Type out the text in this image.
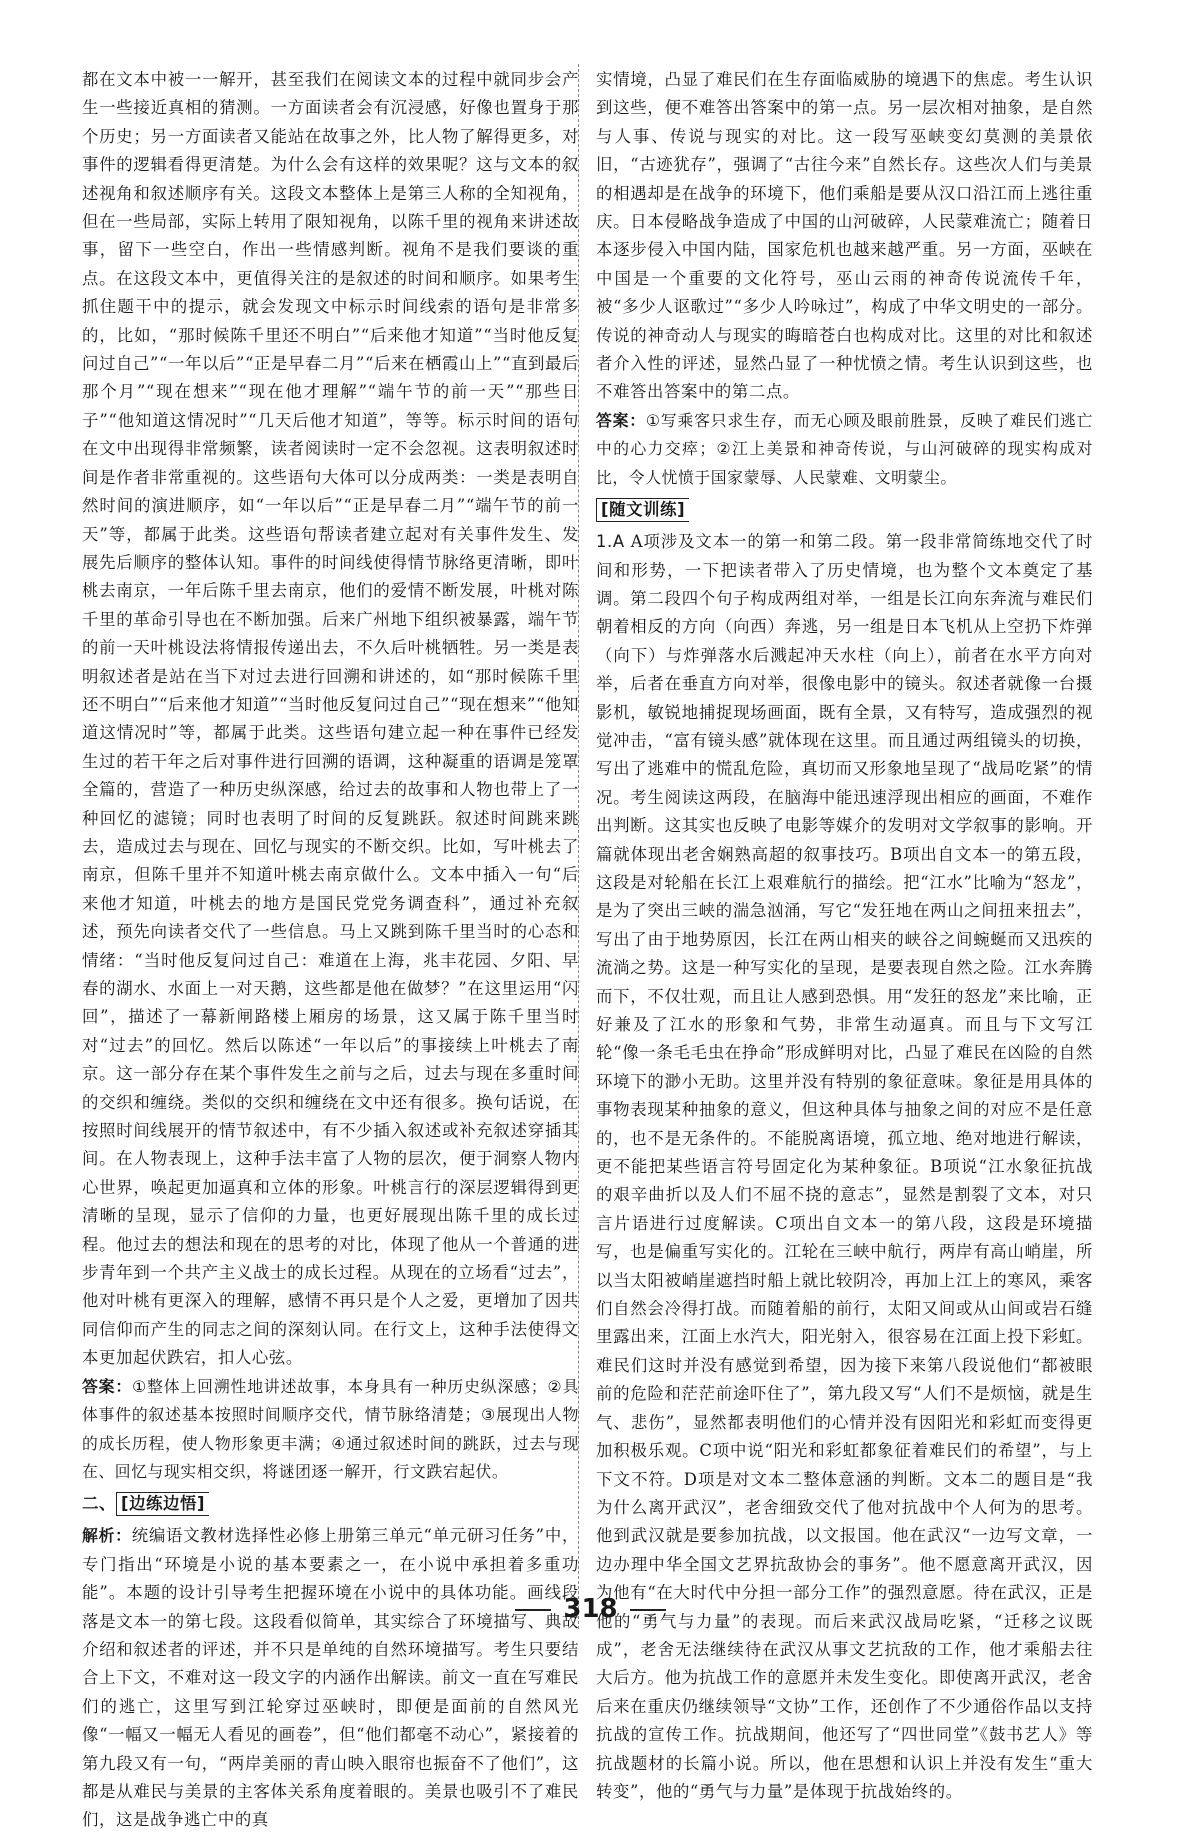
都在文本中被一一解开，甚至我们在阅读文本的过程中就同步会产生一些接近真相的猜测。一方面读者会有沉浸感，好像也置身于那个历史；另一方面读者又能站在故事之外，比人物了解得更多，对事件的逻辑看得更清楚。为什么会有这样的效果呢？这与文本的叙述视角和叙述顺序有关。这段文本整体上是第三人称的全知视角，但在一些局部，实际上转用了限知视角，以陈千里的视角来讲述故事，留下一些空白，作出一些情感判断。视角不是我们要谈的重点。在这段文本中，更值得关注的是叙述的时间和顺序。如果考生抓住题干中的提示，就会发现文中标示时间线索的语句是非常多的，比如，“那时候陈千里还不明白”“后来他才知道”“当时他反复问过自己”“一年以后”“正是早春二月”“后来在栖霞山上”“直到最后那个月”“现在想来”“现在他才理解”“端午节的前一天”“那些日子”“他知道这情况时”“几天后他才知道”，等等。标示时间的语句在文中出现得非常频繁，读者阅读时一定不会忽视。这表明叙述时间是作者非常重视的。这些语句大体可以分成两类：一类是表明自然时间的演进顺序，如“一年以后”“正是早春二月”“端午节的前一天”等，都属于此类。这些语句帮读者建立起对有关事件发生、发展先后顺序的整体认知。事件的时间线使得情节脉络更清晰，即叶桃去南京，一年后陈千里去南京，他们的爱情不断发展，叶桃对陈千里的革命引导也在不断加强。后来广州地下组织被暴露，端午节的前一天叶桃设法将情报传递出去，不久后叶桃牺牲。另一类是表明叙述者是站在当下对过去进行回溯和讲述的，如“那时候陈千里还不明白”“后来他才知道”“当时他反复问过自己”“现在想来”“他知道这情况时”等，都属于此类。这些语句建立起一种在事件已经发生过的若干年之后对事件进行回溯的语调，这种凝重的语调是笼罩全篇的，营造了一种历史纵深感，给过去的故事和人物也带上了一种回忆的滤镜；同时也表明了时间的反复跳跃。叙述时间跳来跳去，造成过去与现在、回忆与现实的不断交织。比如，写叶桃去了南京，但陈千里并不知道叶桃去南京做什么。文本中插入一句“后来他才知道，叶桃去的地方是国民党党务调查科”，通过补充叙述，预先向读者交代了一些信息。马上又跳到陈千里当时的心态和情绪：“当时他反复问过自己：难道在上海，兆丰花园、夕阳、早春的湖水、水面上一对天鹅，这些都是他在做梦？”在这里运用“闪回”，描述了一幕新闸路楼上厢房的场景，这又属于陈千里当时对“过去”的回忆。然后以陈述“一年以后”的事接续上叶桃去了南京。这一部分存在某个事件发生之前与之后，过去与现在多重时间的交织和缠绕。类似的交织和缠绕在文中还有很多。换句话说，在按照时间线展开的情节叙述中，有不少插入叙述或补充叙述穿插其间。在人物表现上，这种手法丰富了人物的层次，便于洞察人物内心世界，唤起更加逼真和立体的形象。叶桃言行的深层逻辑得到更清晰的呈现，显示了信仰的力量，也更好展现出陈千里的成长过程。他过去的想法和现在的思考的对比，体现了他从一个普通的进步青年到一个共产主义战士的成长过程。从现在的立场看“过去”，他对叶桃有更深入的理解，感情不再只是个人之爱，更增加了因共同信仰而产生的同志之间的深刻认同。在行文上，这种手法使得文本更加起伏跌宕，扣人心弦。

答案：①整体上回溯性地讲述故事，本身具有一种历史纵深感；②具体事件的叙述基本按照时间顺序交代，情节脉络清楚；③展现出人物的成长历程，使人物形象更丰满；④通过叙述时间的跳跃，过去与现在、回忆与现实相交织，将谜团逐一解开，行文跌宕起伏。

二、 [边练边悟]

解析：统编语文教材选择性必修上册第三单元“单元研习任务”中，专门指出“环境是小说的基本要素之一，在小说中承担着多重功能”。本题的设计引导考生把握环境在小说中的具体功能。画线段落是文本一的第七段。这段看似简单，其实综合了环境描写、典故介绍和叙述者的评述，并不只是单纯的自然环境描写。考生只要结合上下文，不难对这一段文字的内涵作出解读。前文一直在写难民们的逃亡，这里写到江轮穿过巫峡时，即便是面前的自然风光像“一幅又一幅无人看见的画卷”，但“他们都毫不动心”，紧接着的第九段又有一句，“两岸美丽的青山映入眼帘也振奋不了他们”，这都是从难民与美景的主客体关系角度着眼的。美景也吸引不了难民们，这是战争逃亡中的真

实情境，凸显了难民们在生存面临威胁的境遇下的焦虑。考生认识到这些，便不难答出答案中的第一点。另一层次相对抽象，是自然与人事、传说与现实的对比。这一段写巫峡变幻莫测的美景依旧，“古迹犹存”，强调了“古往今来”自然长存。这些次人们与美景的相遇却是在战争的环境下，他们乘船是要从汉口沿江而上逃往重庆。日本侵略战争造成了中国的山河破碎，人民蒙难流亡；随着日本逐步侵入中国内陆，国家危机也越来越严重。另一方面，巫峡在中国是一个重要的文化符号，巫山云雨的神奇传说流传千年，被“多少人讴歌过”“多少人吟咏过”，构成了中华文明史的一部分。传说的神奇动人与现实的晦暗苍白也构成对比。这里的对比和叙述者介入性的评述，显然凸显了一种忧愤之情。考生认识到这些，也不难答出答案中的第二点。

答案：①写乘客只求生存，而无心顾及眼前胜景，反映了难民们逃亡中的心力交瘁；②江上美景和神奇传说，与山河破碎的现实构成对比，令人忧愤于国家蒙辱、人民蒙难、文明蒙尘。

[随文训练]

1.A A项涉及文本一的第一和第二段。第一段非常简练地交代了时间和形势，一下把读者带入了历史情境，也为整个文本奠定了基调。第二段四个句子构成两组对举，一组是长江向东奔流与难民们朝着相反的方向（向西）奔逃，另一组是日本飞机从上空扔下炸弹（向下）与炸弹落水后溅起冲天水柱（向上），前者在水平方向对举，后者在垂直方向对举，很像电影中的镜头。叙述者就像一台摄影机，敏锐地捕捉现场画面，既有全景，又有特写，造成强烈的视觉冲击，“富有镜头感”就体现在这里。而且通过两组镜头的切换，写出了逃难中的慌乱危险，真切而又形象地呈现了“战局吃紧”的情况。考生阅读这两段，在脑海中能迅速浮现出相应的画面，不难作出判断。这其实也反映了电影等媒介的发明对文学叙事的影响。开篇就体现出老舍娴熟高超的叙事技巧。B项出自文本一的第五段，这段是对轮船在长江上艰难航行的描绘。把“江水”比喻为“怒龙”，是为了突出三峡的湍急汹涌，写它“发狂地在两山之间扭来扭去”，写出了由于地势原因，长江在两山相夹的峡谷之间蜿蜒而又迅疾的流淌之势。这是一种写实化的呈现，是要表现自然之险。江水奔腾而下，不仅壮观，而且让人感到恐惧。用“发狂的怒龙”来比喻，正好兼及了江水的形象和气势，非常生动逼真。而且与下文写江轮“像一条毛毛虫在挣命”形成鲜明对比，凸显了难民在凶险的自然环境下的渺小无助。这里并没有特别的象征意味。象征是用具体的事物表现某种抽象的意义，但这种具体与抽象之间的对应不是任意的，也不是无条件的。不能脱离语境，孤立地、绝对地进行解读，更不能把某些语言符号固定化为某种象征。B项说“江水象征抗战的艰辛曲折以及人们不屈不挠的意志”，显然是割裂了文本，对只言片语进行过度解读。C项出自文本一的第八段，这段是环境描写，也是偏重写实化的。江轮在三峡中航行，两岸有高山峭崖，所以当太阳被峭崖遮挡时船上就比较阴冷，再加上江上的寒风，乘客们自然会冷得打战。而随着船的前行，太阳又间或从山间或岩石缝里露出来，江面上水汽大，阳光射入，很容易在江面上投下彩虹。难民们这时并没有感觉到希望，因为接下来第八段说他们“都被眼前的危险和茫茫前途吓住了”，第九段又写“人们不是烦恼，就是生气、悲伤”，显然都表明他们的心情并没有因阳光和彩虹而变得更加积极乐观。C项中说“阳光和彩虹都象征着难民们的希望”，与上下文不符。D项是对文本二整体意涵的判断。文本二的题目是“我为什么离开武汉”，老舍细致交代了他对抗战中个人何为的思考。他到武汉就是要参加抗战，以文报国。他在武汉“一边写文章，一边办理中华全国文艺界抗敌协会的事务”。他不愿意离开武汉，因为他有“在大时代中分担一部分工作”的强烈意愿。待在武汉，正是他的“勇气与力量”的表现。而后来武汉战局吃紧，“迁移之议既成”，老舍无法继续待在武汉从事文艺抗敌的工作，他才乘船去往大后方。他为抗战工作的意愿并未发生变化。即使离开武汉，老舍后来在重庆仍继续领导“文协”工作，还创作了不少通俗作品以支持抗战的宣传工作。抗战期间，他还写了“四世同堂”《鼓书艺人》等抗战题材的长篇小说。所以，他在思想和认识上并没有发生“重大转变”，他的“勇气与力量”是体现于抗战始终的。

318
